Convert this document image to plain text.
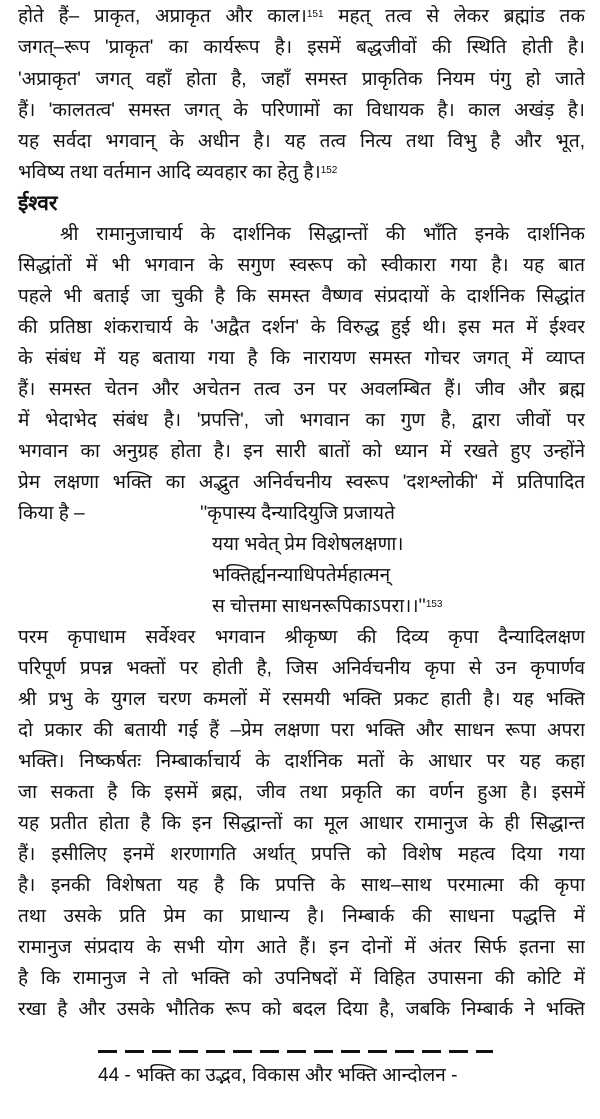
होते हैं– प्राकृत, अप्राकृत और काल।$^{151}$ महत् तत्व से लेकर ब्रह्मांड तक
जगत्–रूप 'प्राकृत' का कार्यरूप है। इसमें बद्धजीवों की स्थिति होती है।
'अप्राकृत' जगत् वहाँ होता है, जहाँ समस्त प्राकृतिक नियम पंगु हो जाते
हैं। 'कालतत्व' समस्त जगत् के परिणामों का विधायक है। काल अखंड़ है।
यह सर्वदा भगवान् के अधीन है। यह तत्व नित्य तथा विभु है और भूत,
भविष्य तथा वर्तमान आदि व्यवहार का हेतु है।$^{152}$
ईश्वर
श्री रामानुजाचार्य के दार्शनिक सिद्धान्तों की भाँति इनके दार्शनिक
सिद्धांतों में भी भगवान के सगुण स्वरूप को स्वीकारा गया है। यह बात
पहले भी बताई जा चुकी है कि समस्त वैष्णव संप्रदायों के दार्शनिक सिद्धांत
की प्रतिष्ठा शंकराचार्य के 'अद्वैत दर्शन' के विरुद्ध हुई थी। इस मत में ईश्वर
के संबंध में यह बताया गया है कि नारायण समस्त गोचर जगत् में व्याप्त
हैं। समस्त चेतन और अचेतन तत्व उन पर अवलम्बित हैं। जीव और ब्रह्म
में भेदाभेद संबंध है। 'प्रपत्ति', जो भगवान का गुण है, द्वारा जीवों पर
भगवान का अनुग्रह होता है। इन सारी बातों को ध्यान में रखते हुए उन्होंने
प्रेम लक्षणा भक्ति का अद्भुत अनिर्वचनीय स्वरूप 'दशश्लोकी' में प्रतिपादित
किया है –	''कृपास्य दैन्यादियुजि प्रजायते
यया भवेत् प्रेम विशेषलक्षणा।
भक्तिर्ह्यनन्याधिपतेर्महात्मन्
स चोत्तमा $साधनरूपिकाऽपरा।।''^{153}$
परम कृपाधाम सर्वेश्वर भगवान श्रीकृष्ण की दिव्य कृपा दैन्यादिलक्षण
परिपूर्ण प्रपन्न भक्तों पर होती है, जिस अनिर्वचनीय कृपा से उन कृपार्णव
श्री प्रभु के युगल चरण कमलों में रसमयी भक्ति प्रकट हाती है। यह भक्ति
दो प्रकार की बतायी गई हैं –प्रेम लक्षणा परा भक्ति और साधन रूपा अपरा
भक्ति। निष्कर्षतः निम्बार्काचार्य के दार्शनिक मतों के आधार पर यह कहा
जा सकता है कि इसमें ब्रह्म, जीव तथा प्रकृति का वर्णन हुआ है। इसमें
यह प्रतीत होता है कि इन सिद्धान्तों का मूल आधार रामानुज के ही सिद्धान्त
हैं। इसीलिए इनमें शरणागति अर्थात् प्रपत्ति को विशेष महत्व दिया गया
है। इनकी विशेषता यह है कि प्रपत्ति के साथ–साथ परमात्मा की कृपा
तथा उसके प्रति प्रेम का प्राधान्य है। निम्बार्क की साधना पद्धत्ति में
रामानुज संप्रदाय के सभी योग आते हैं। इन दोनों में अंतर सिर्फ इतना सा
है कि रामानुज ने तो भक्ति को उपनिषदों में विहित उपासना की कोटि में
रखा है और उसके भौतिक रूप को बदल दिया है, जबकि निम्बार्क ने भक्ति
44 - भक्ति का उद्भव, विकास और भक्ति आन्दोलन -
